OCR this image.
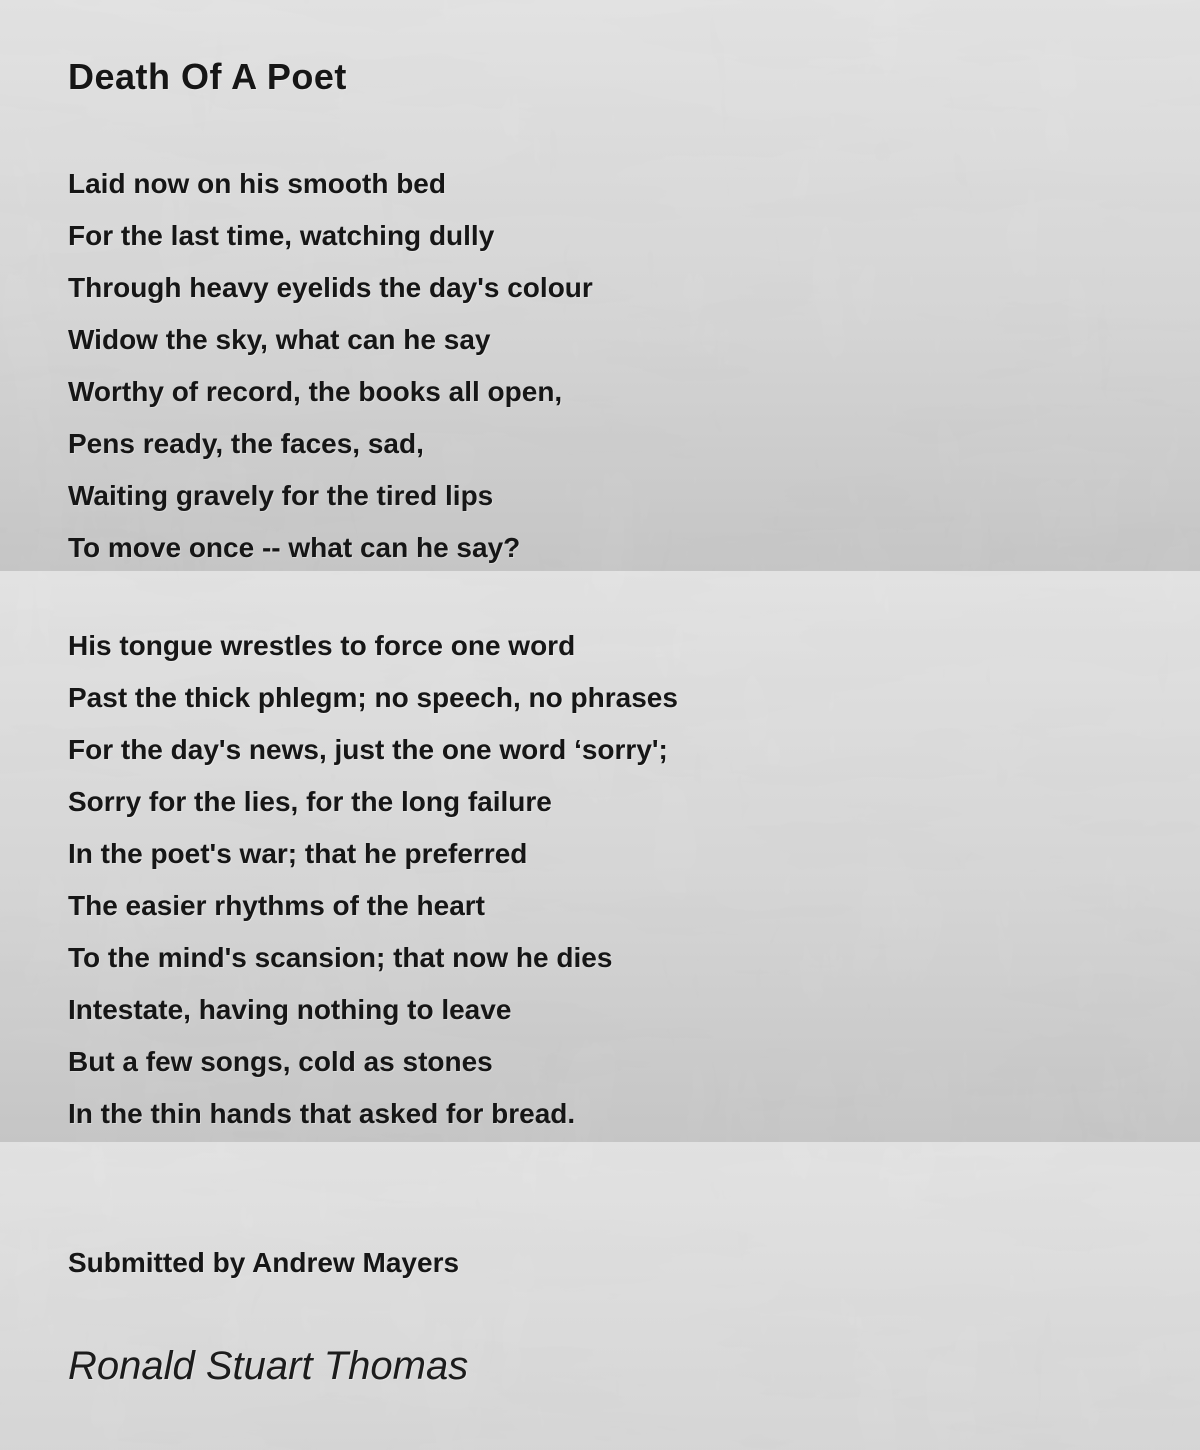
Death Of A Poet
Laid now on his smooth bed
For the last time, watching dully
Through heavy eyelids the day's colour
Widow the sky, what can he say
Worthy of record, the books all open,
Pens ready, the faces, sad,
Waiting gravely for the tired lips
To move once -- what can he say?
His tongue wrestles to force one word
Past the thick phlegm; no speech, no phrases
For the day's news, just the one word ‘sorry';
Sorry for the lies, for the long failure
In the poet's war; that he preferred
The easier rhythms of the heart
To the mind's scansion; that now he dies
Intestate, having nothing to leave
But a few songs, cold as stones
In the thin hands that asked for bread.
Submitted by Andrew Mayers
Ronald Stuart Thomas
